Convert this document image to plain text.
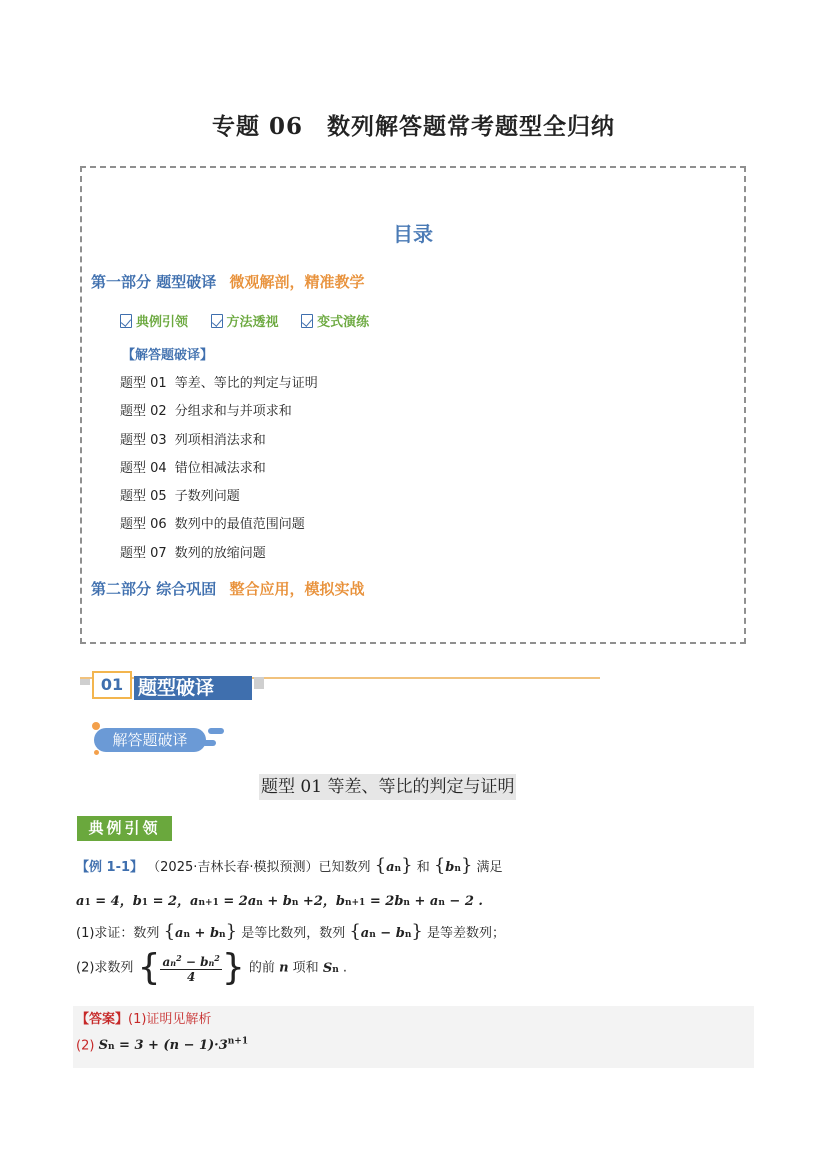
专题 06　数列解答题常考题型全归纳
目录
第一部分 题型破译 微观解剖，精准教学
典例引领
	方法透视
	变式演练
【解答题破译】
题型 01 等差、等比的判定与证明
题型 02 分组求和与并项求和
题型 03 列项相消法求和
题型 04 错位相减法求和
题型 05 子数列问题
题型 06 数列中的最值范围问题
题型 07 数列的放缩问题
第二部分 综合巩固 整合应用，模拟实战
01 题型破译
解答题破译
题型 01 等差、等比的判定与证明
典例引领
【例 1-1】 （2025·吉林长春·模拟预测）已知数列 {an} 和 {bn} 满足
a1 = 4，b1 = 2，an+1 = 2an + bn +2，bn+1 = 2bn + an − 2 .
(1)求证：数列 {an + bn} 是等比数列，数列 {an − bn} 是等差数列；
(2)求数列 { $\frac{an^2 - bn^2}{4}$ } 的前 n 项和 Sn .
【答案】(1)证明见解析
(2) $Sn = 3 + (n - 1)\cdot 3^{n+1}$
